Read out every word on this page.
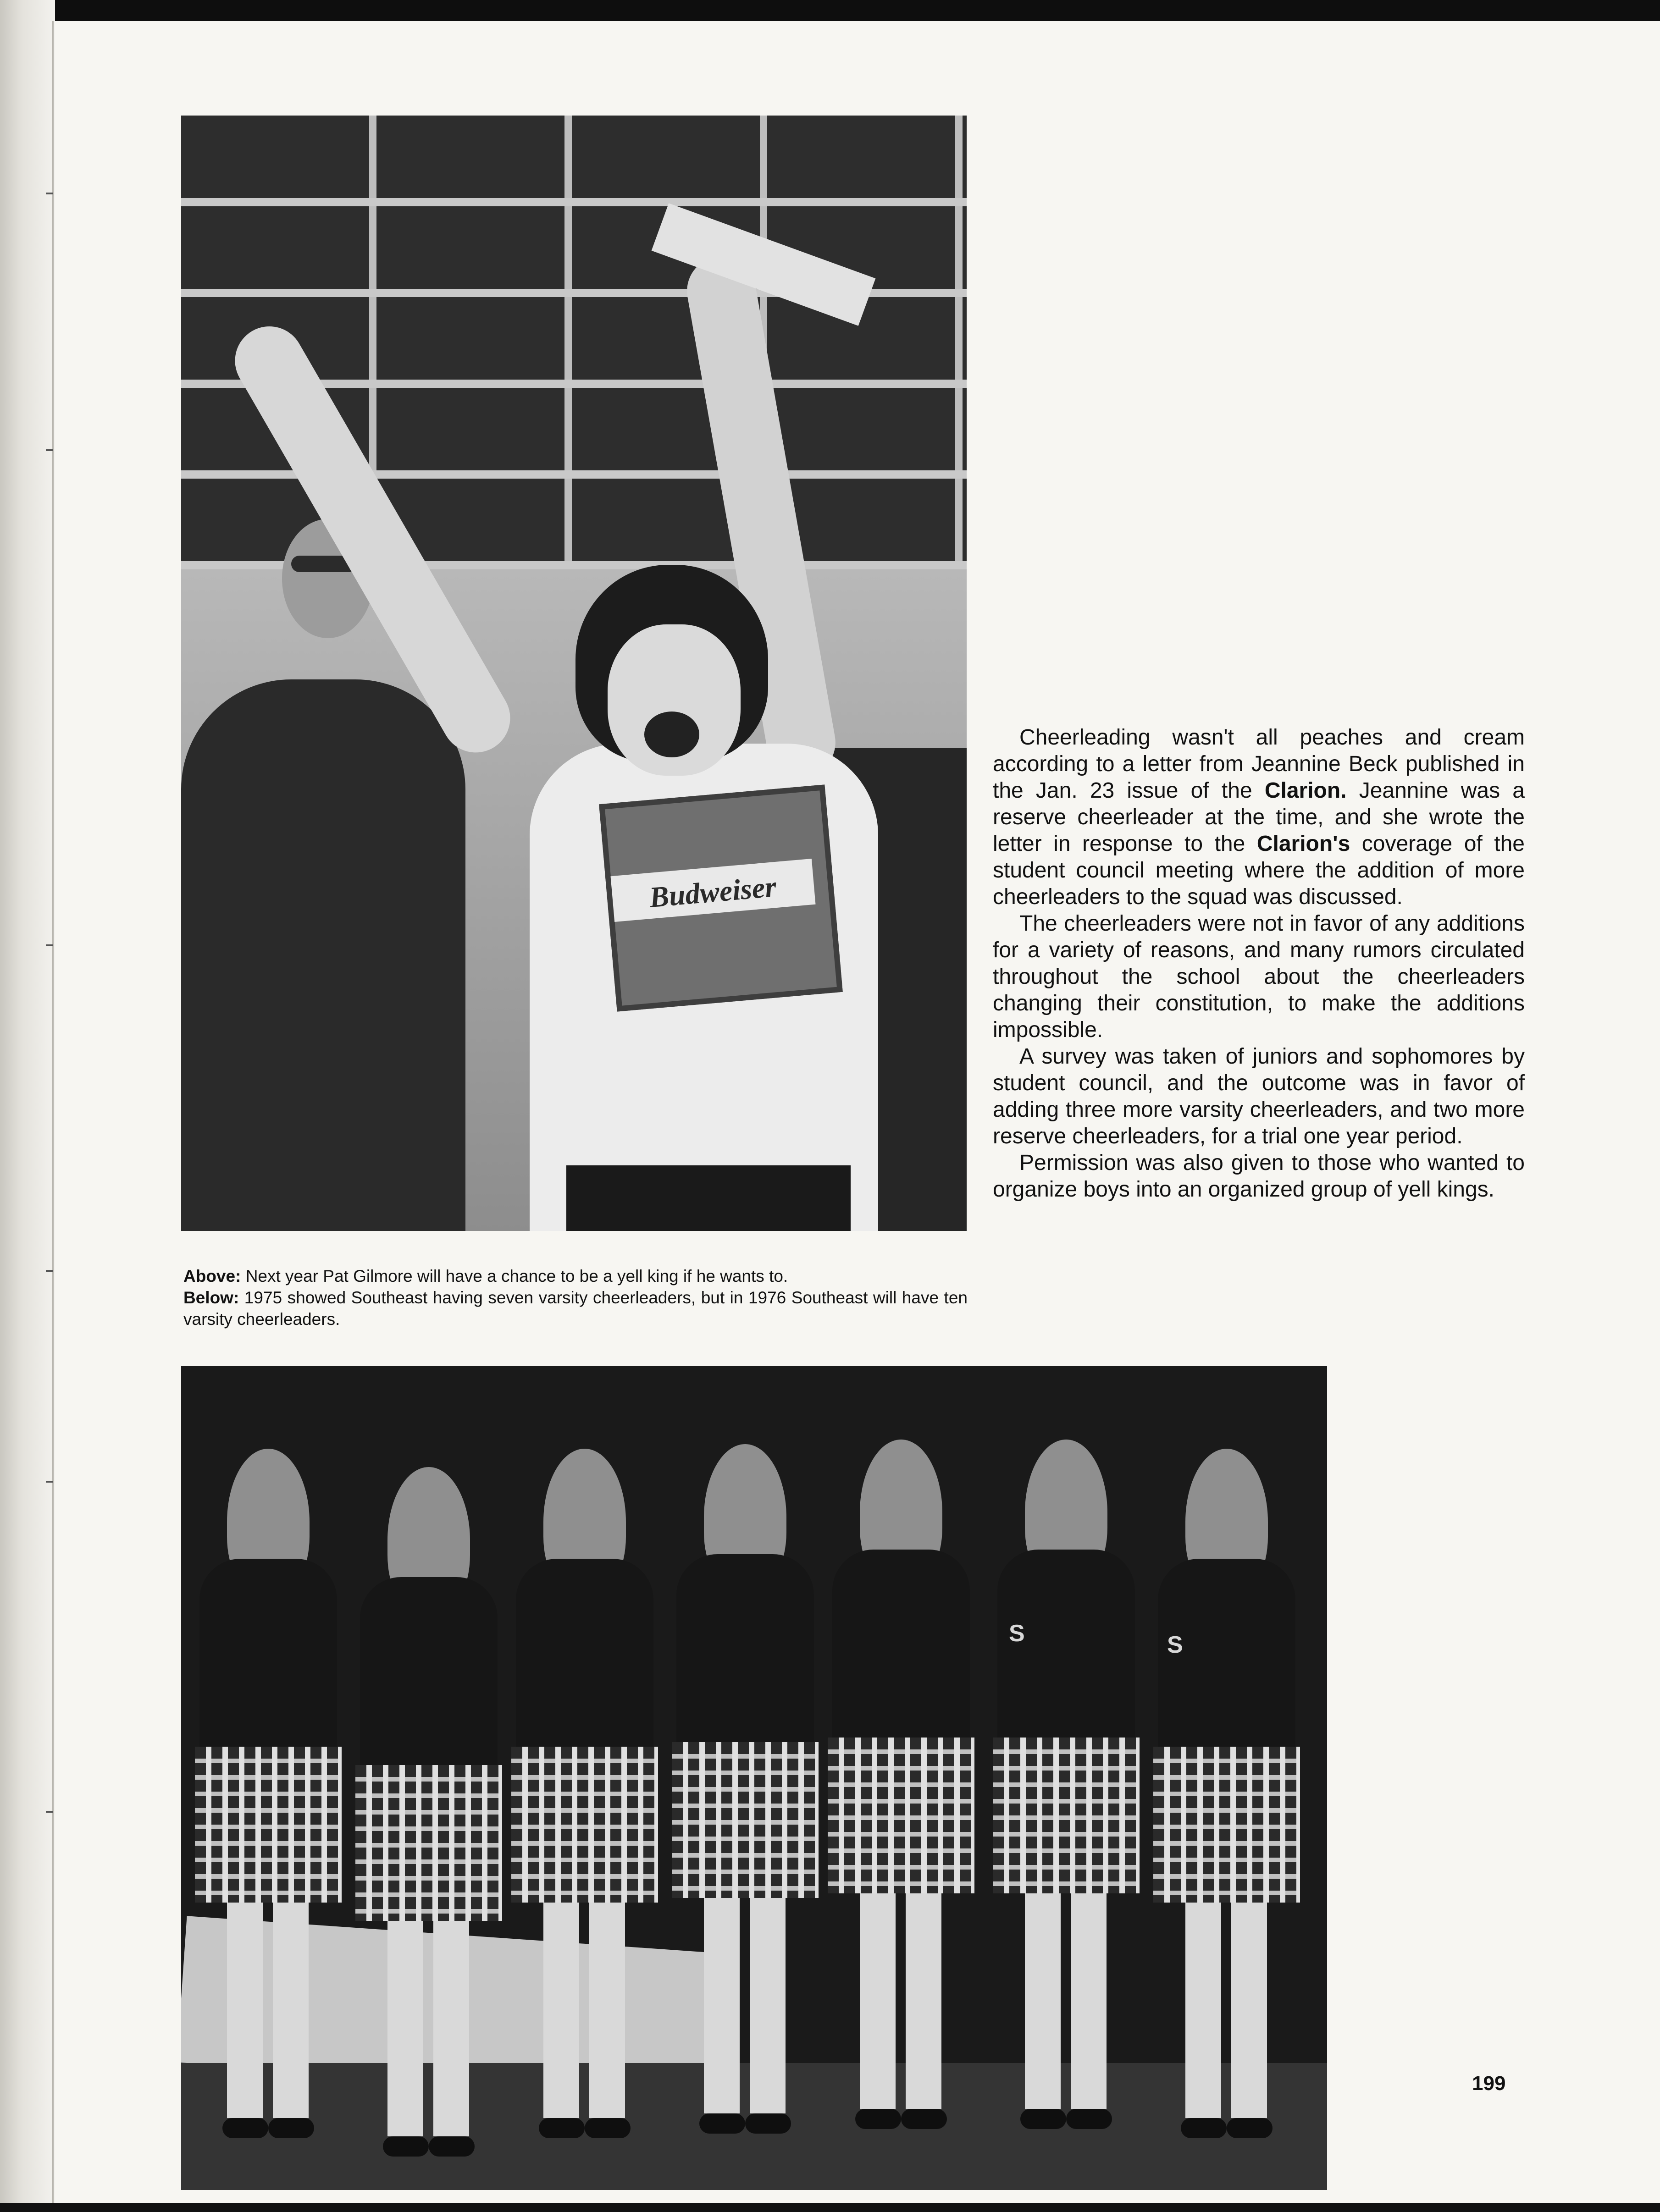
Budweiser

Above: Next year Pat Gilmore will have a chance to be a yell king if he wants to.
Below: 1975 showed Southeast having seven varsity cheerleaders, but in 1976 Southeast will have ten varsity cheerleaders.

Cheerleading wasn't all peaches and cream according to a letter from Jeannine Beck published in the Jan. 23 issue of the Clarion. Jeannine was a reserve cheerleader at the time, and she wrote the letter in response to the Clarion's coverage of the student council meeting where the addition of more cheerleaders to the squad was discussed.

The cheerleaders were not in favor of any additions for a variety of reasons, and many rumors circulated throughout the school about the cheerleaders changing their constitution, to make the additions impossible.

A survey was taken of juniors and sophomores by student council, and the outcome was in favor of adding three more varsity cheerleaders, and two more reserve cheerleaders, for a trial one year period.

Permission was also given to those who wanted to organize boys into an organized group of yell kings.

S	S

199
